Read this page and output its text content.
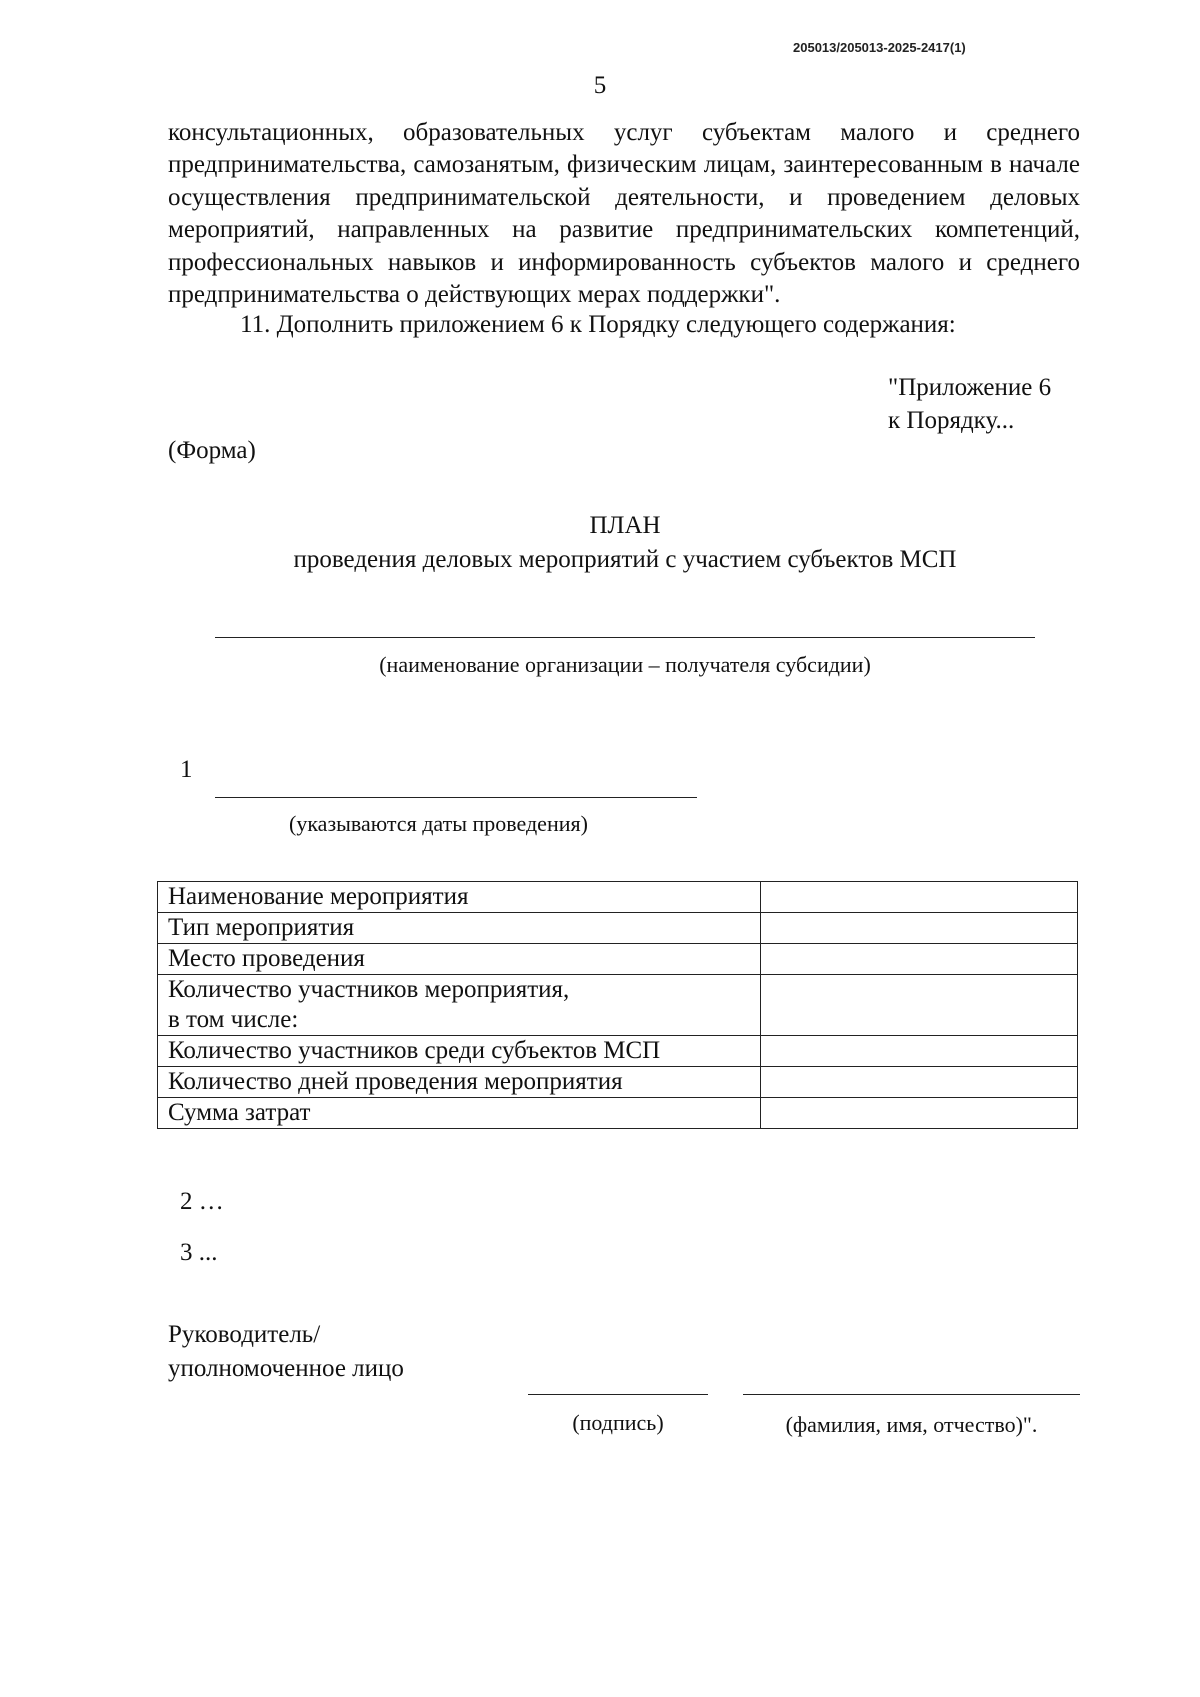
205013/205013-2025-2417(1)
5
консультационных, образовательных услуг субъектам малого и среднего предпринимательства, самозанятым, физическим лицам, заинтересованным в начале осуществления предпринимательской деятельности, и проведением деловых мероприятий, направленных на развитие предпринимательских компетенций, профессиональных навыков и информированность субъектов малого и среднего предпринимательства о действующих мерах поддержки".
11. Дополнить приложением 6 к Порядку следующего содержания:
"Приложение 6
к Порядку...
(Форма)
ПЛАН
проведения деловых мероприятий с участием субъектов МСП
(наименование организации – получателя субсидии)
1
(указываются даты проведения)
Наименование мероприятия	
Тип мероприятия	
Место проведения	

Количество участников мероприятия,
в том числе:	

Количество участников среди субъектов МСП	
Количество дней проведения мероприятия	
Сумма затрат	
2 …
3 ...
Руководитель/
уполномоченное лицо
(подпись)	(фамилия, имя, отчество)".
